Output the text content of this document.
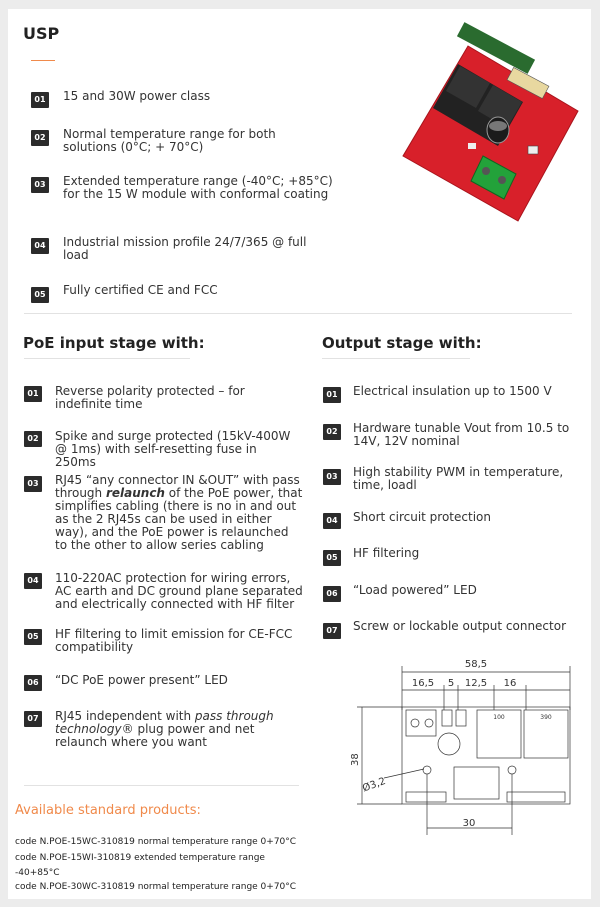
USP
01 15 and 30W power class
02 Normal temperature range for both solutions (0°C; + 70°C)
03 Extended temperature range (-40°C; +85°C) for the 15 W module with conformal coating
04 Industrial mission profile 24/7/365 @ full load
05 Fully certified CE and FCC
PoE input stage with:
01 Reverse polarity protected – for indefinite time
02 Spike and surge protected (15kV-400W @ 1ms) with self-resetting fuse in 250ms
03 RJ45 “any connector IN &OUT” with pass through relaunch of the PoE power, that simplifies cabling (there is no in and out as the 2 RJ45s can be used in either way), and the PoE power is relaunched to the other to allow series cabling
04 110-220AC protection for wiring errors, AC earth and DC ground plane separated and electrically connected with HF filter
05 HF filtering to limit emission for CE-FCC compatibility
06 “DC PoE power present” LED
07 RJ45 independent with pass through technology® plug power and net relaunch where you want
Output stage with:
01 Electrical insulation up to 1500 V
02 Hardware tunable Vout from 10.5 to 14V, 12V nominal
03 High stability PWM in temperature, time, loadl
04 Short circuit protection
05 HF filtering
06 “Load powered” LED
07 Screw or lockable output connector
58,5
16,5 5 12,5 16
38
Ø3,2
30
100	390
Available standard products:
code N.POE-15WC-310819 normal temperature range 0+70°C
code N.POE-15WI-310819 extended temperature range
-40+85°C
code N.POE-30WC-310819 normal temperature range 0+70°C
